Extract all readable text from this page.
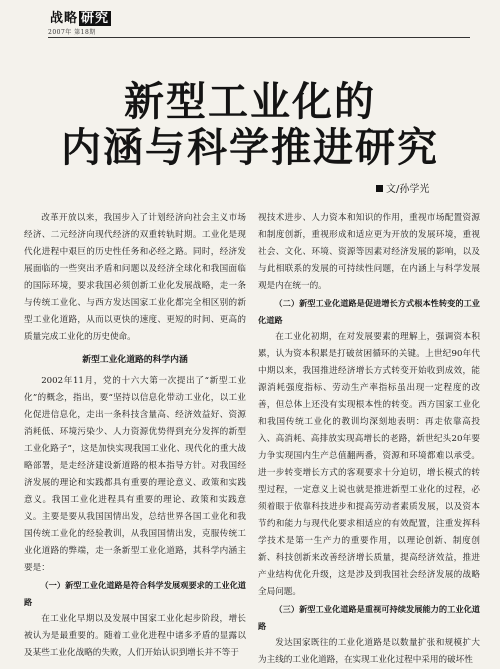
战略 研究
2007年 第18期
新型工业化的
内涵与科学推进研究
文/孙学光

改革开放以来，我国步入了计划经济向社会主义市场经济、二元经济向现代经济的双重转轨时期。工业化是现代化进程中艰巨的历史性任务和必经之路。同时，经济发展面临的一些突出矛盾和问题以及经济全球化和我国面临的国际环境，要求我国必须创新工业化发展战略，走一条与传统工业化、与西方发达国家工业化都完全相区别的新型工业化道路，从而以更快的速度、更短的时间、更高的质量完成工业化的历史使命。

新型工业化道路的科学内涵

2002年11月，党的十六大第一次提出了“新型工业化”的概念，指出，要“坚持以信息化带动工业化，以工业化促进信息化，走出一条科技含量高、经济效益好、资源消耗低、环境污染少、人力资源优势得到充分发挥的新型工业化路子”，这是加快实现我国工业化、现代化的重大战略部署，是走经济建设新道路的根本指导方针。对我国经济发展的理论和实践都具有重要的理论意义、政策和实践意义。我国工业化进程具有重要的理论、政策和实践意义。主要是要从我国国情出发，总结世界各国工业化和我国传统工业化的经验教训，从我国国情出发，克服传统工业化道路的弊端，走一条新型工业化道路，其科学内涵主要是：

（一）新型工业化道路是符合科学发展观要求的工业化道路

在工业化早期以及发展中国家工业化起步阶段，增长被认为是最重要的。随着工业化进程中诸多矛盾的显露以及某些工业化战略的失败，人们开始认识到增长并不等于

视技术进步、人力资本和知识的作用，重视市场配置资源和制度创新，重视形成和适应更为开放的发展环境，重视社会、文化、环境、资源等因素对经济发展的影响，以及与此相联系的发展的可持续性问题，在内涵上与科学发展观是内在统一的。

（二）新型工业化道路是促进增长方式根本性转变的工业化道路

在工业化初期，在对发展要素的理解上，强调资本积累，认为资本积累是打破贫困循环的关键。上世纪90年代中期以来，我国推进经济增长方式转变开始收到成效，能源消耗强度指标、劳动生产率指标虽出现一定程度的改善，但总体上还没有实现根本性的转变。西方国家工业化和我国传统工业化的教训均深刻地表明：再走依靠高投入、高消耗、高排放实现高增长的老路，新世纪头20年要力争实现国内生产总值翻两番，资源和环境都难以承受。进一步转变增长方式的客观要求十分迫切，增长模式的转型过程，一定意义上说也就是推进新型工业化的过程，必须着眼于依靠科技进步和提高劳动者素质发展，以及资本节约和能力与现代化要求相适应的有效配置，注重发挥科学技术是第一生产力的重要作用，以理论创新、制度创新、科技创新来改善经济增长质量，提高经济效益，推进产业结构优化升级，这是涉及到我国社会经济发展的战略全局问题。

（三）新型工业化道路是重视可持续发展能力的工业化道路

发达国家既往的工业化道路是以数量扩张和规模扩大为主线的工业化道路，在实现工业化过程中采用的破坏性
